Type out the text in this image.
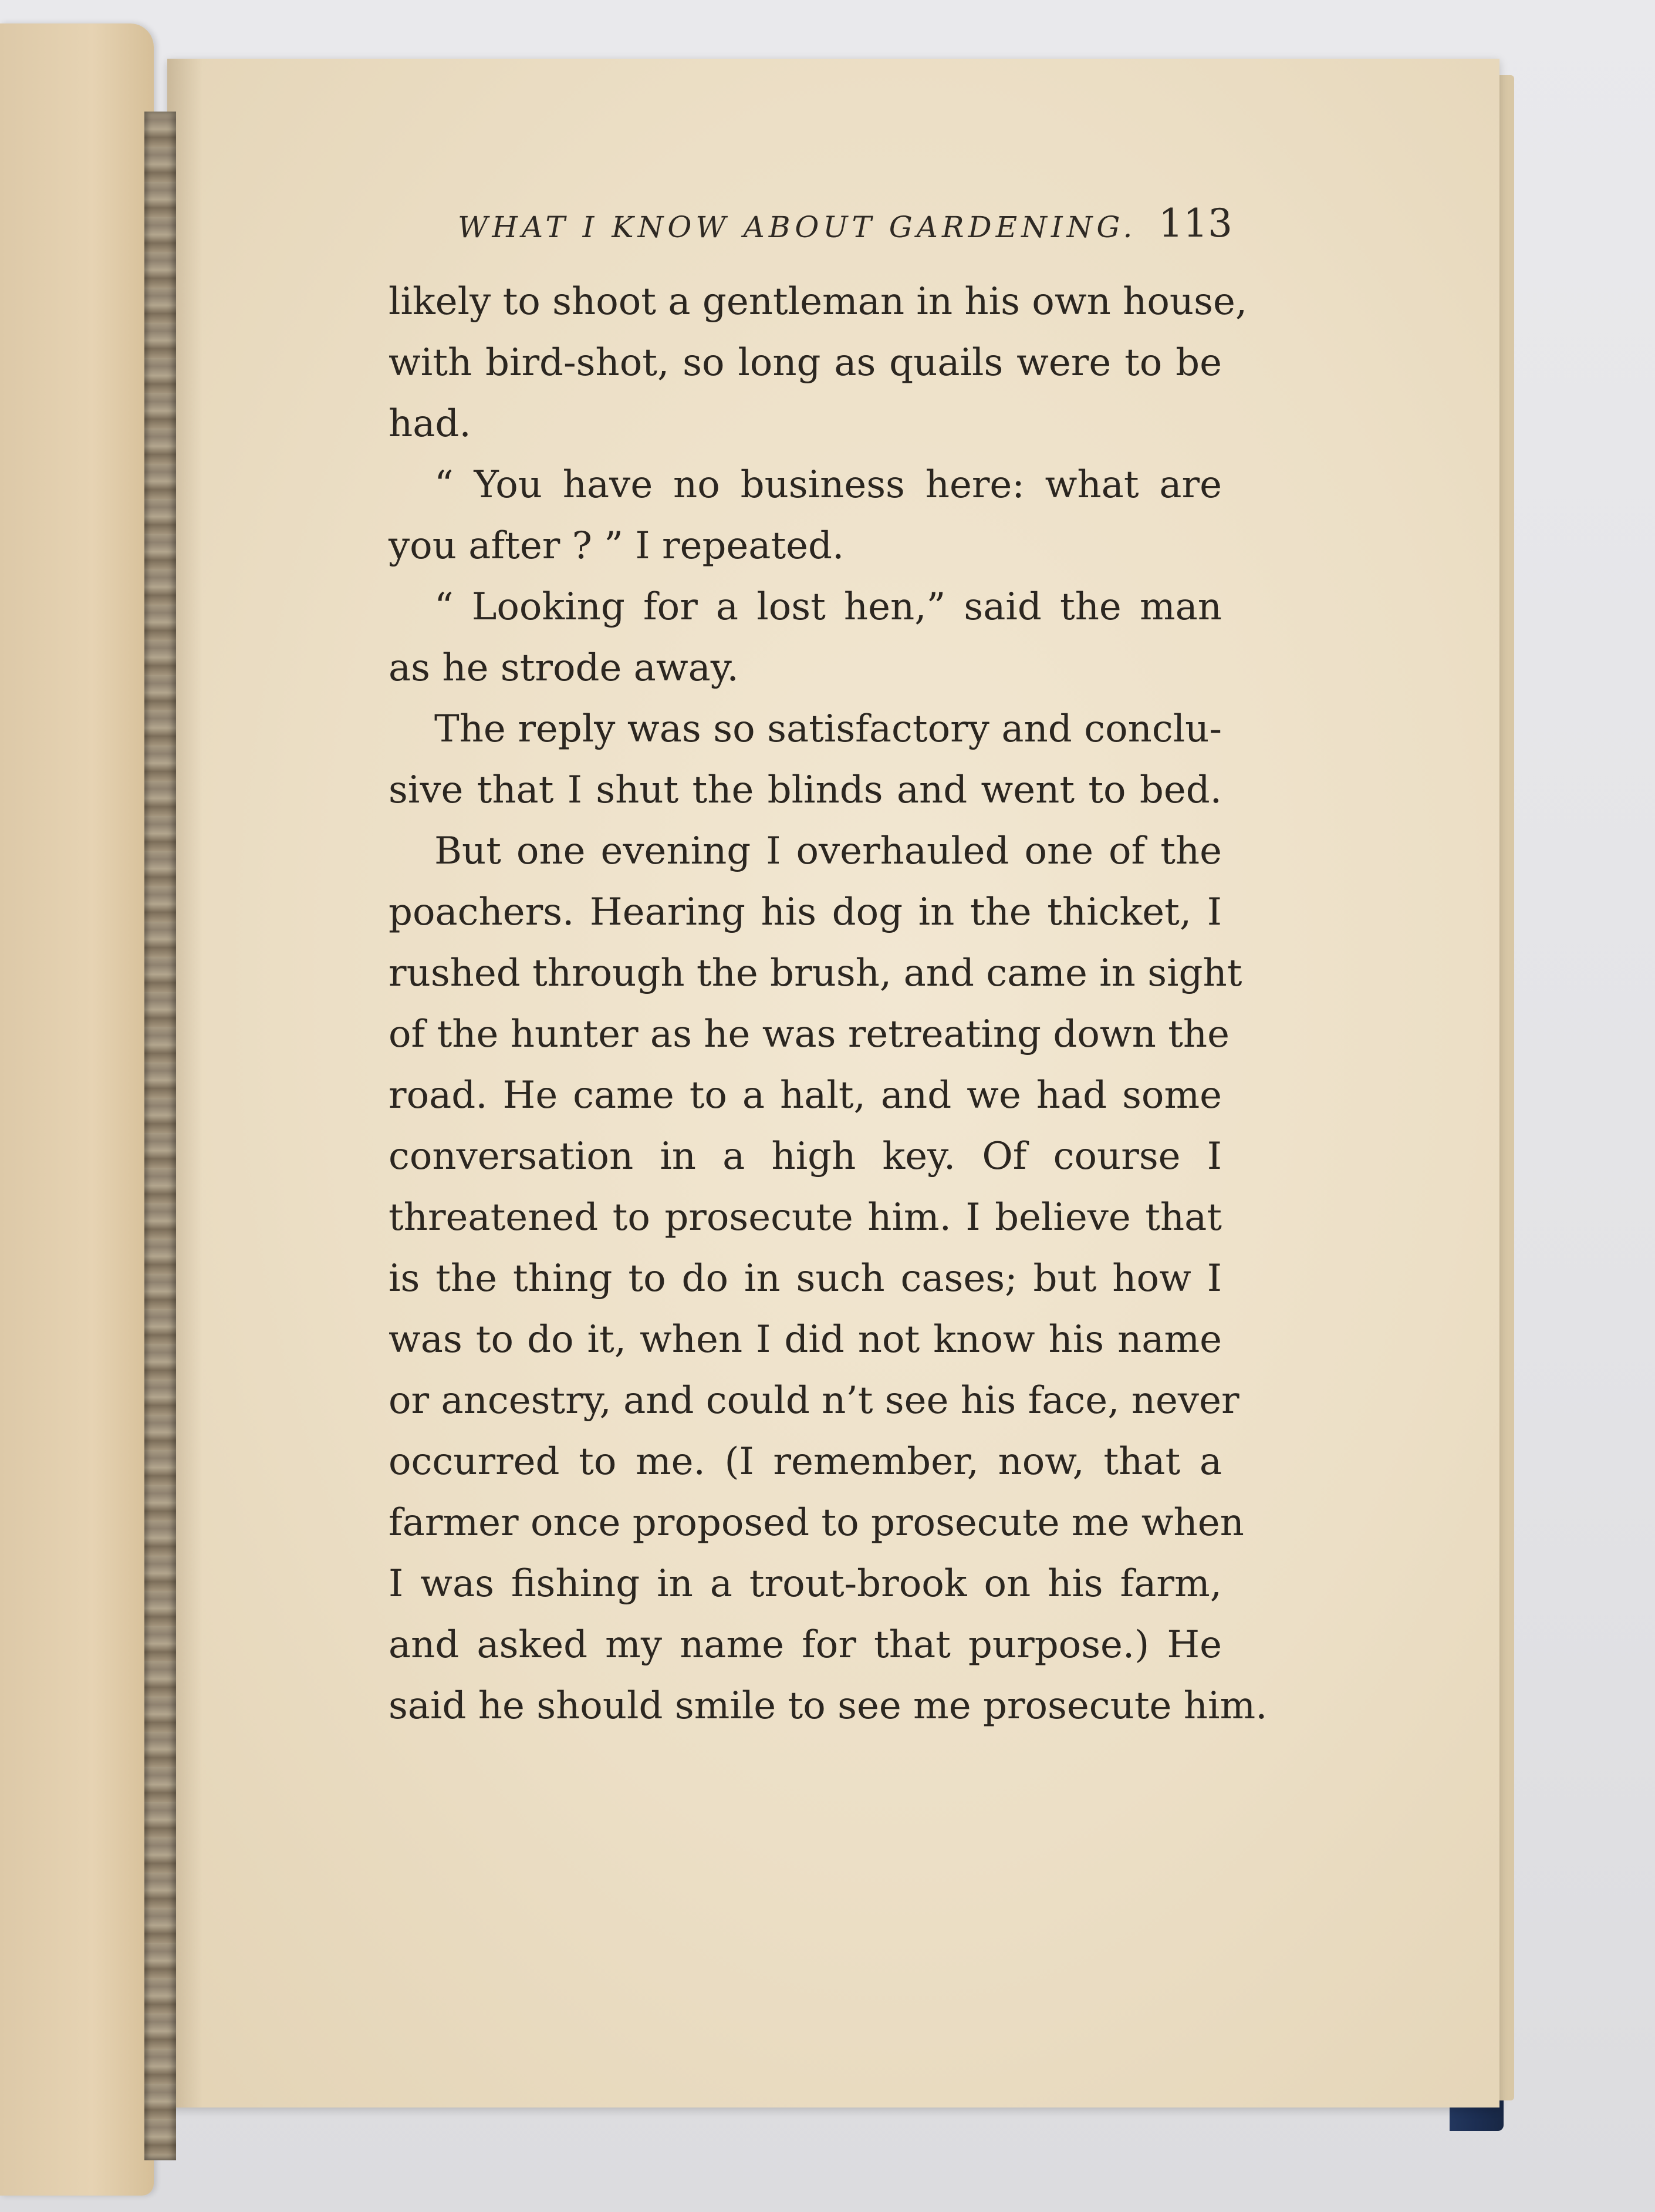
WHAT I KNOW ABOUT GARDENING. 113
likely to shoot a gentleman in his own house,
with bird-shot, so long as quails were to be
had.
“ You have no business here: what are
you after ? ” I repeated.
“ Looking for a lost hen,” said the man
as he strode away.
The reply was so satisfactory and conclu-
sive that I shut the blinds and went to bed.
But one evening I overhauled one of the
poachers. Hearing his dog in the thicket, I
rushed through the brush, and came in sight
of the hunter as he was retreating down the
road. He came to a halt, and we had some
conversation in a high key. Of course I
threatened to prosecute him. I believe that
is the thing to do in such cases; but how I
was to do it, when I did not know his name
or ancestry, and could n’t see his face, never
occurred to me. (I remember, now, that a
farmer once proposed to prosecute me when
I was fishing in a trout-brook on his farm,
and asked my name for that purpose.) He
said he should smile to see me prosecute him.
